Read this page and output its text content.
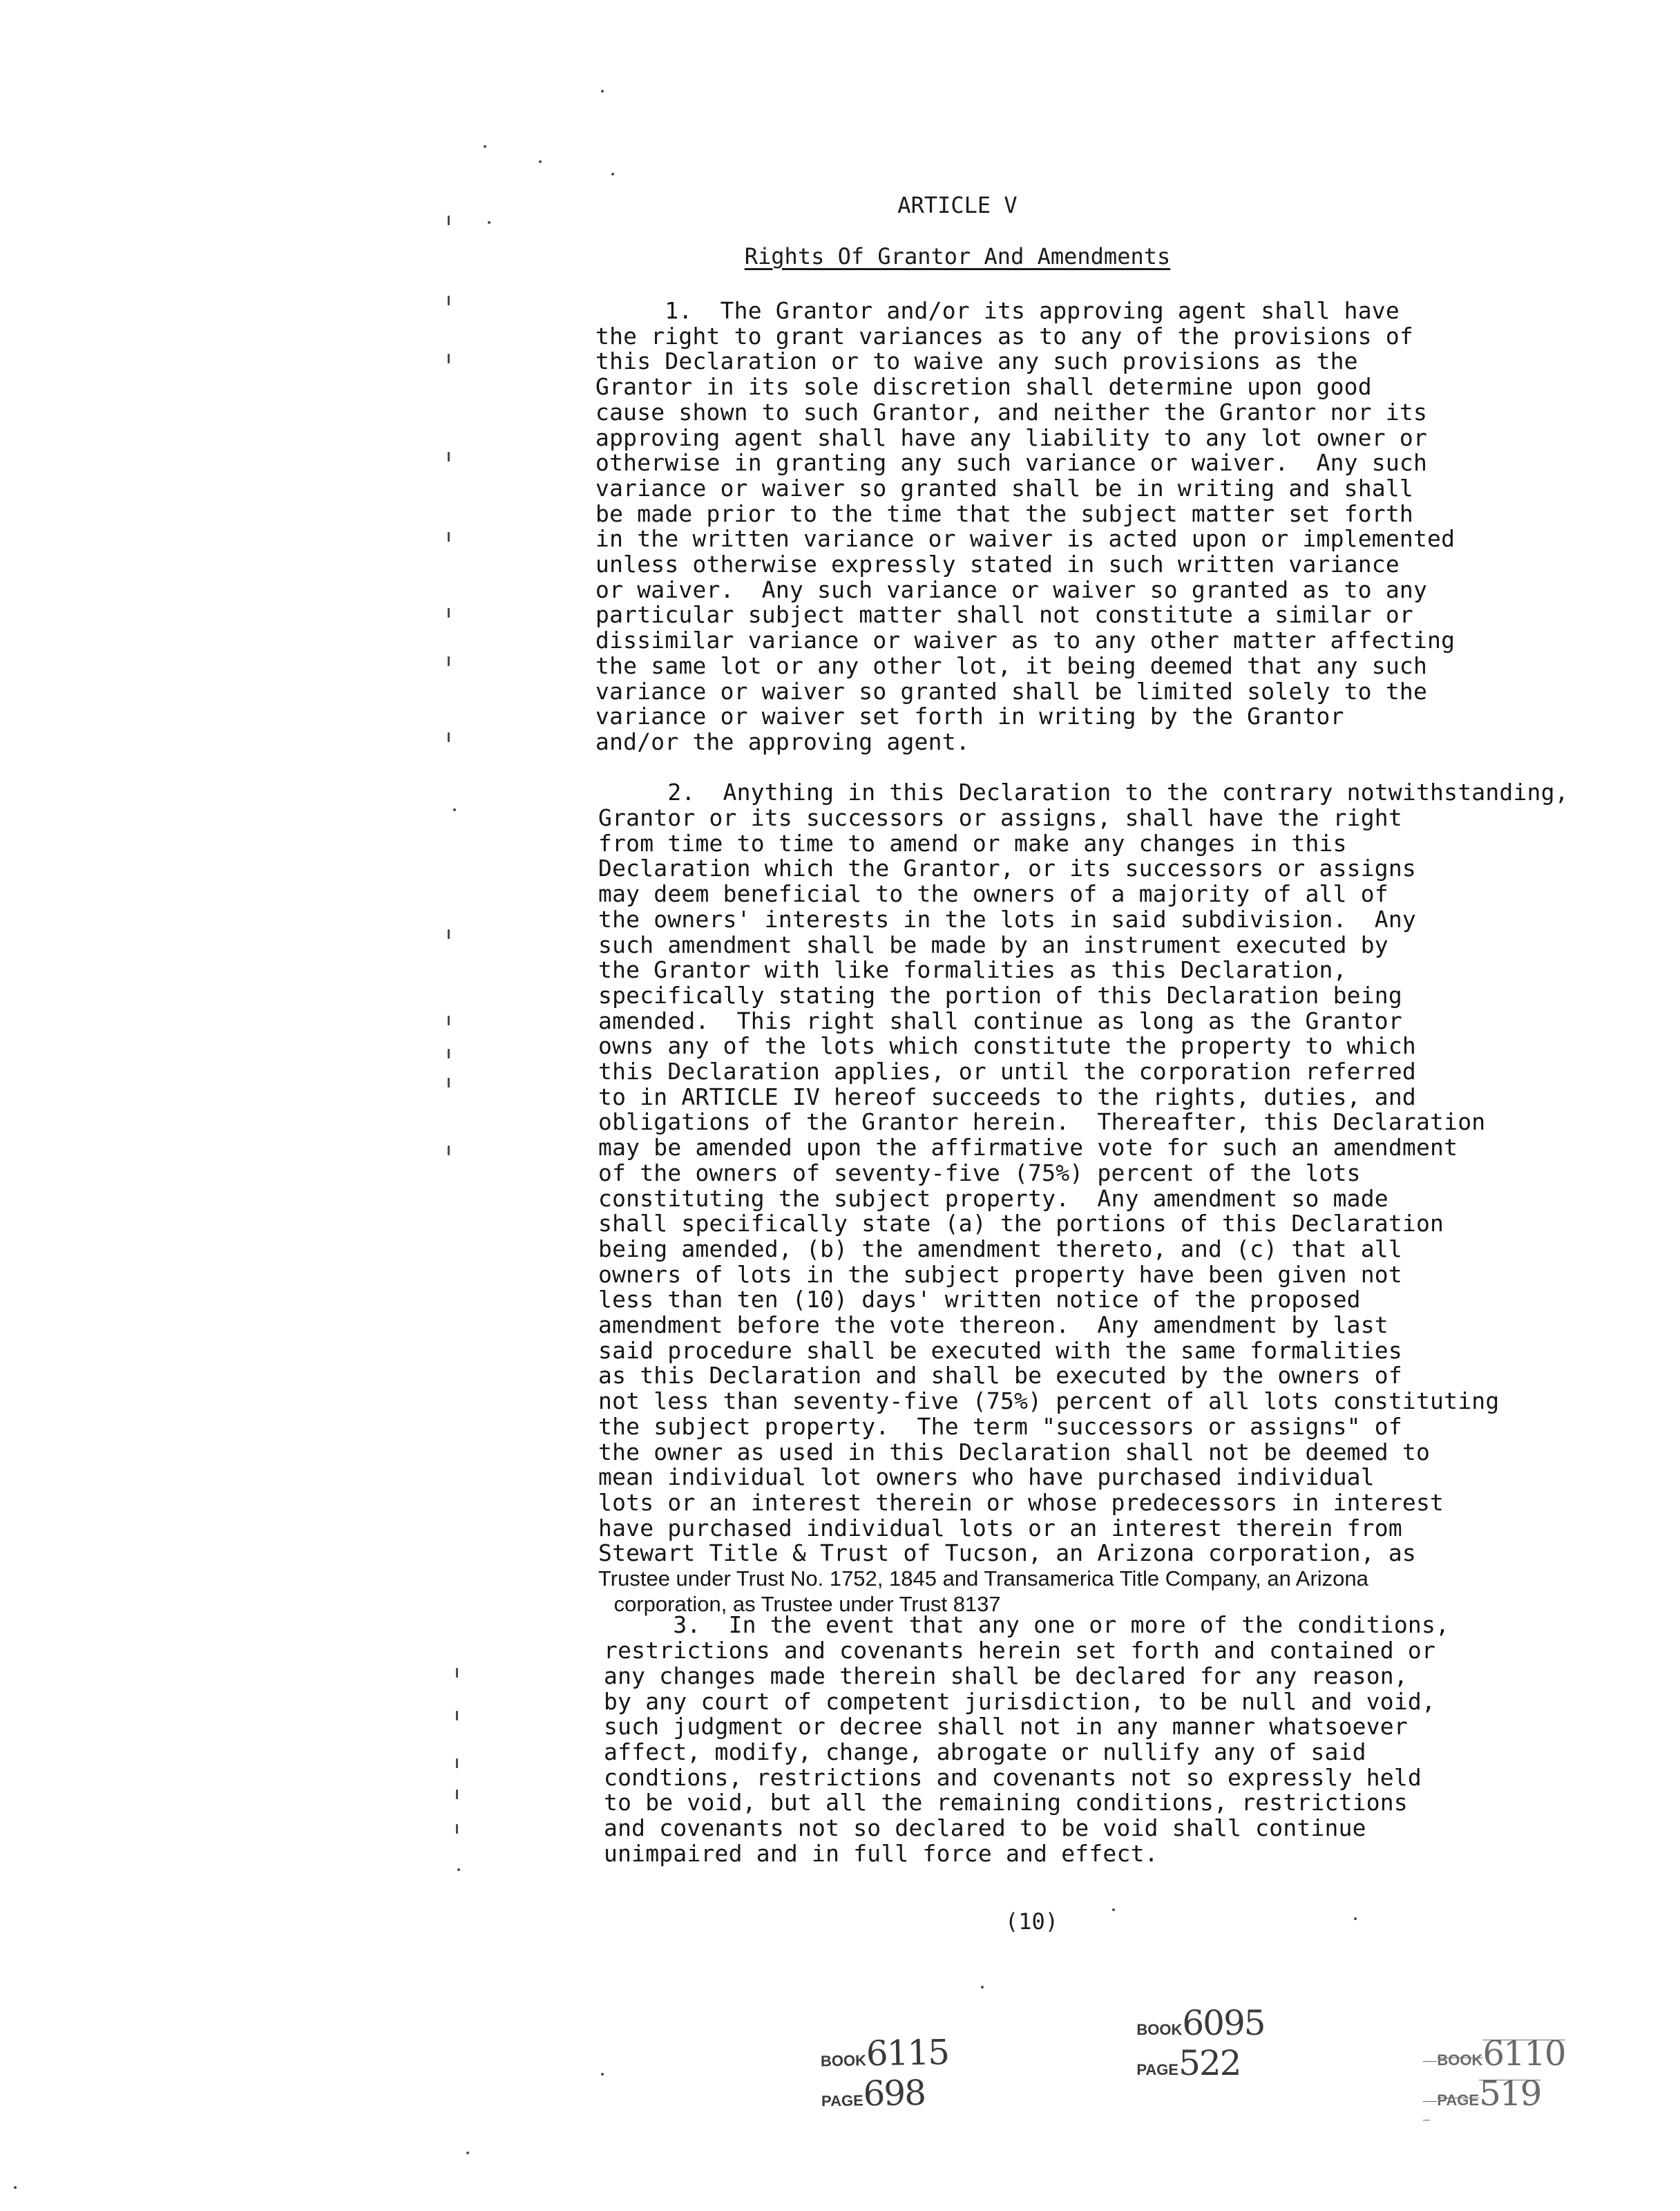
ARTICLE V
Rights Of Grantor And Amendments
1.  The Grantor and/or its approving agent shall have
the right to grant variances as to any of the provisions of
this Declaration or to waive any such provisions as the
Grantor in its sole discretion shall determine upon good
cause shown to such Grantor, and neither the Grantor nor its
approving agent shall have any liability to any lot owner or
otherwise in granting any such variance or waiver.  Any such
variance or waiver so granted shall be in writing and shall
be made prior to the time that the subject matter set forth
in the written variance or waiver is acted upon or implemented
unless otherwise expressly stated in such written variance
or waiver.  Any such variance or waiver so granted as to any
particular subject matter shall not constitute a similar or
dissimilar variance or waiver as to any other matter affecting
the same lot or any other lot, it being deemed that any such
variance or waiver so granted shall be limited solely to the
variance or waiver set forth in writing by the Grantor
and/or the approving agent.
2.  Anything in this Declaration to the contrary notwithstanding,
Grantor or its successors or assigns, shall have the right
from time to time to amend or make any changes in this
Declaration which the Grantor, or its successors or assigns
may deem beneficial to the owners of a majority of all of
the owners' interests in the lots in said subdivision.  Any
such amendment shall be made by an instrument executed by
the Grantor with like formalities as this Declaration,
specifically stating the portion of this Declaration being
amended.  This right shall continue as long as the Grantor
owns any of the lots which constitute the property to which
this Declaration applies, or until the corporation referred
to in ARTICLE IV hereof succeeds to the rights, duties, and
obligations of the Grantor herein.  Thereafter, this Declaration
may be amended upon the affirmative vote for such an amendment
of the owners of seventy-five (75%) percent of the lots
constituting the subject property.  Any amendment so made
shall specifically state (a) the portions of this Declaration
being amended, (b) the amendment thereto, and (c) that all
owners of lots in the subject property have been given not
less than ten (10) days' written notice of the proposed
amendment before the vote thereon.  Any amendment by last
said procedure shall be executed with the same formalities
as this Declaration and shall be executed by the owners of
not less than seventy-five (75%) percent of all lots constituting
the subject property.  The term "successors or assigns" of
the owner as used in this Declaration shall not be deemed to
mean individual lot owners who have purchased individual
lots or an interest therein or whose predecessors in interest
have purchased individual lots or an interest therein from
Stewart Title & Trust of Tucson, an Arizona corporation, as
Trustee under Trust No. 1752, 1845 and Transamerica Title Company, an Arizona
corporation, as Trustee under Trust 8137
3.  In the event that any one or more of the conditions,
restrictions and covenants herein set forth and contained or
any changes made therein shall be declared for any reason,
by any court of competent jurisdiction, to be null and void,
such judgment or decree shall not in any manner whatsoever
affect, modify, change, abrogate or nullify any of said
condtions, restrictions and covenants not so expressly held
to be void, but all the remaining conditions, restrictions
and covenants not so declared to be void shall continue
unimpaired and in full force and effect.
(10)

BOOK6115
PAGE698

BOOK6095
PAGE522
	BOOK6110
PAGE519
